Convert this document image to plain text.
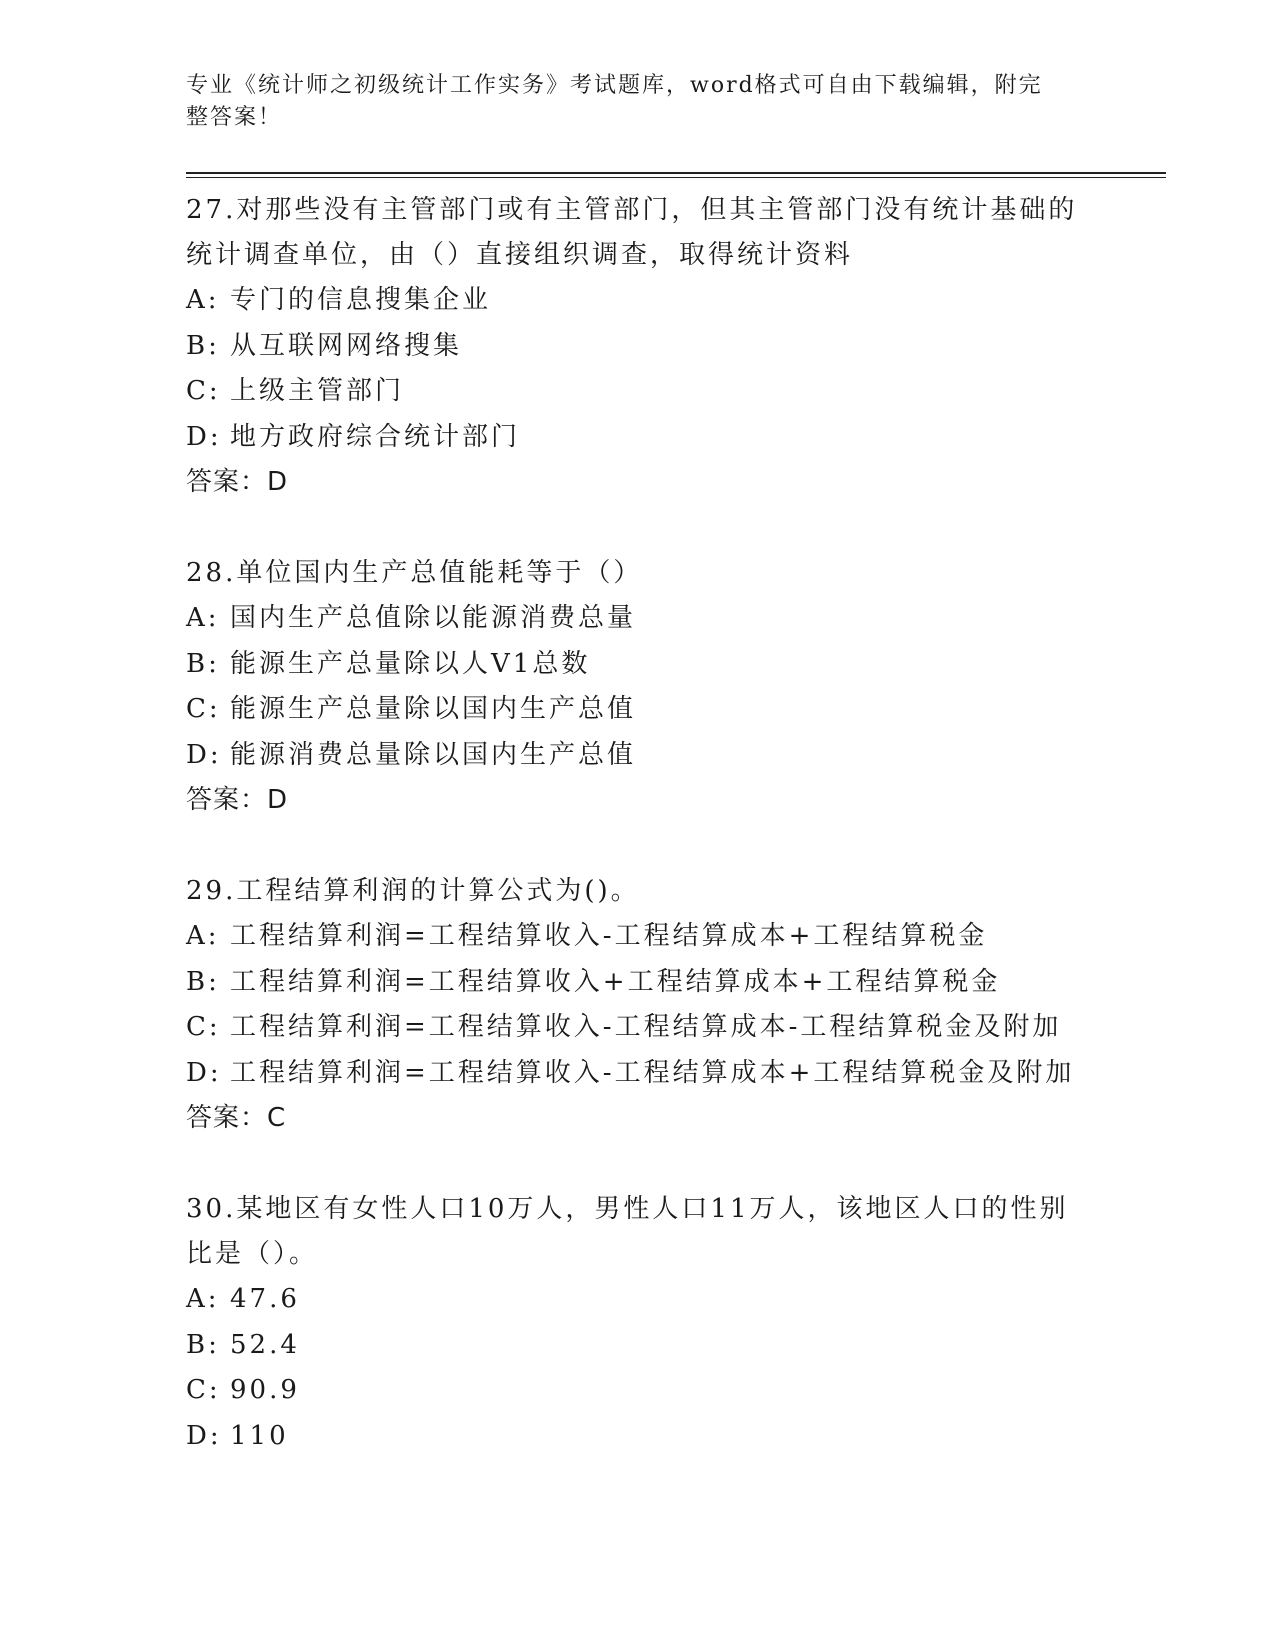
专业《统计师之初级统计工作实务》考试题库，word格式可自由下载编辑，附完整答案！
27.对那些没有主管部门或有主管部门，但其主管部门没有统计基础的统计调查单位，由（）直接组织调查，取得统计资料
A: 专门的信息搜集企业
B: 从互联网网络搜集
C: 上级主管部门
D: 地方政府综合统计部门
答案：D
28.单位国内生产总值能耗等于（）
A: 国内生产总值除以能源消费总量
B: 能源生产总量除以人V1总数
C: 能源生产总量除以国内生产总值
D: 能源消费总量除以国内生产总值
答案：D
29.工程结算利润的计算公式为()。
A: 工程结算利润=工程结算收入-工程结算成本+工程结算税金
B: 工程结算利润=工程结算收入+工程结算成本+工程结算税金
C: 工程结算利润=工程结算收入-工程结算成本-工程结算税金及附加
D: 工程结算利润=工程结算收入-工程结算成本+工程结算税金及附加
答案：C
30.某地区有女性人口10万人，男性人口11万人，该地区人口的性别比是（）。
A: 47.6
B: 52.4
C: 90.9
D: 110
